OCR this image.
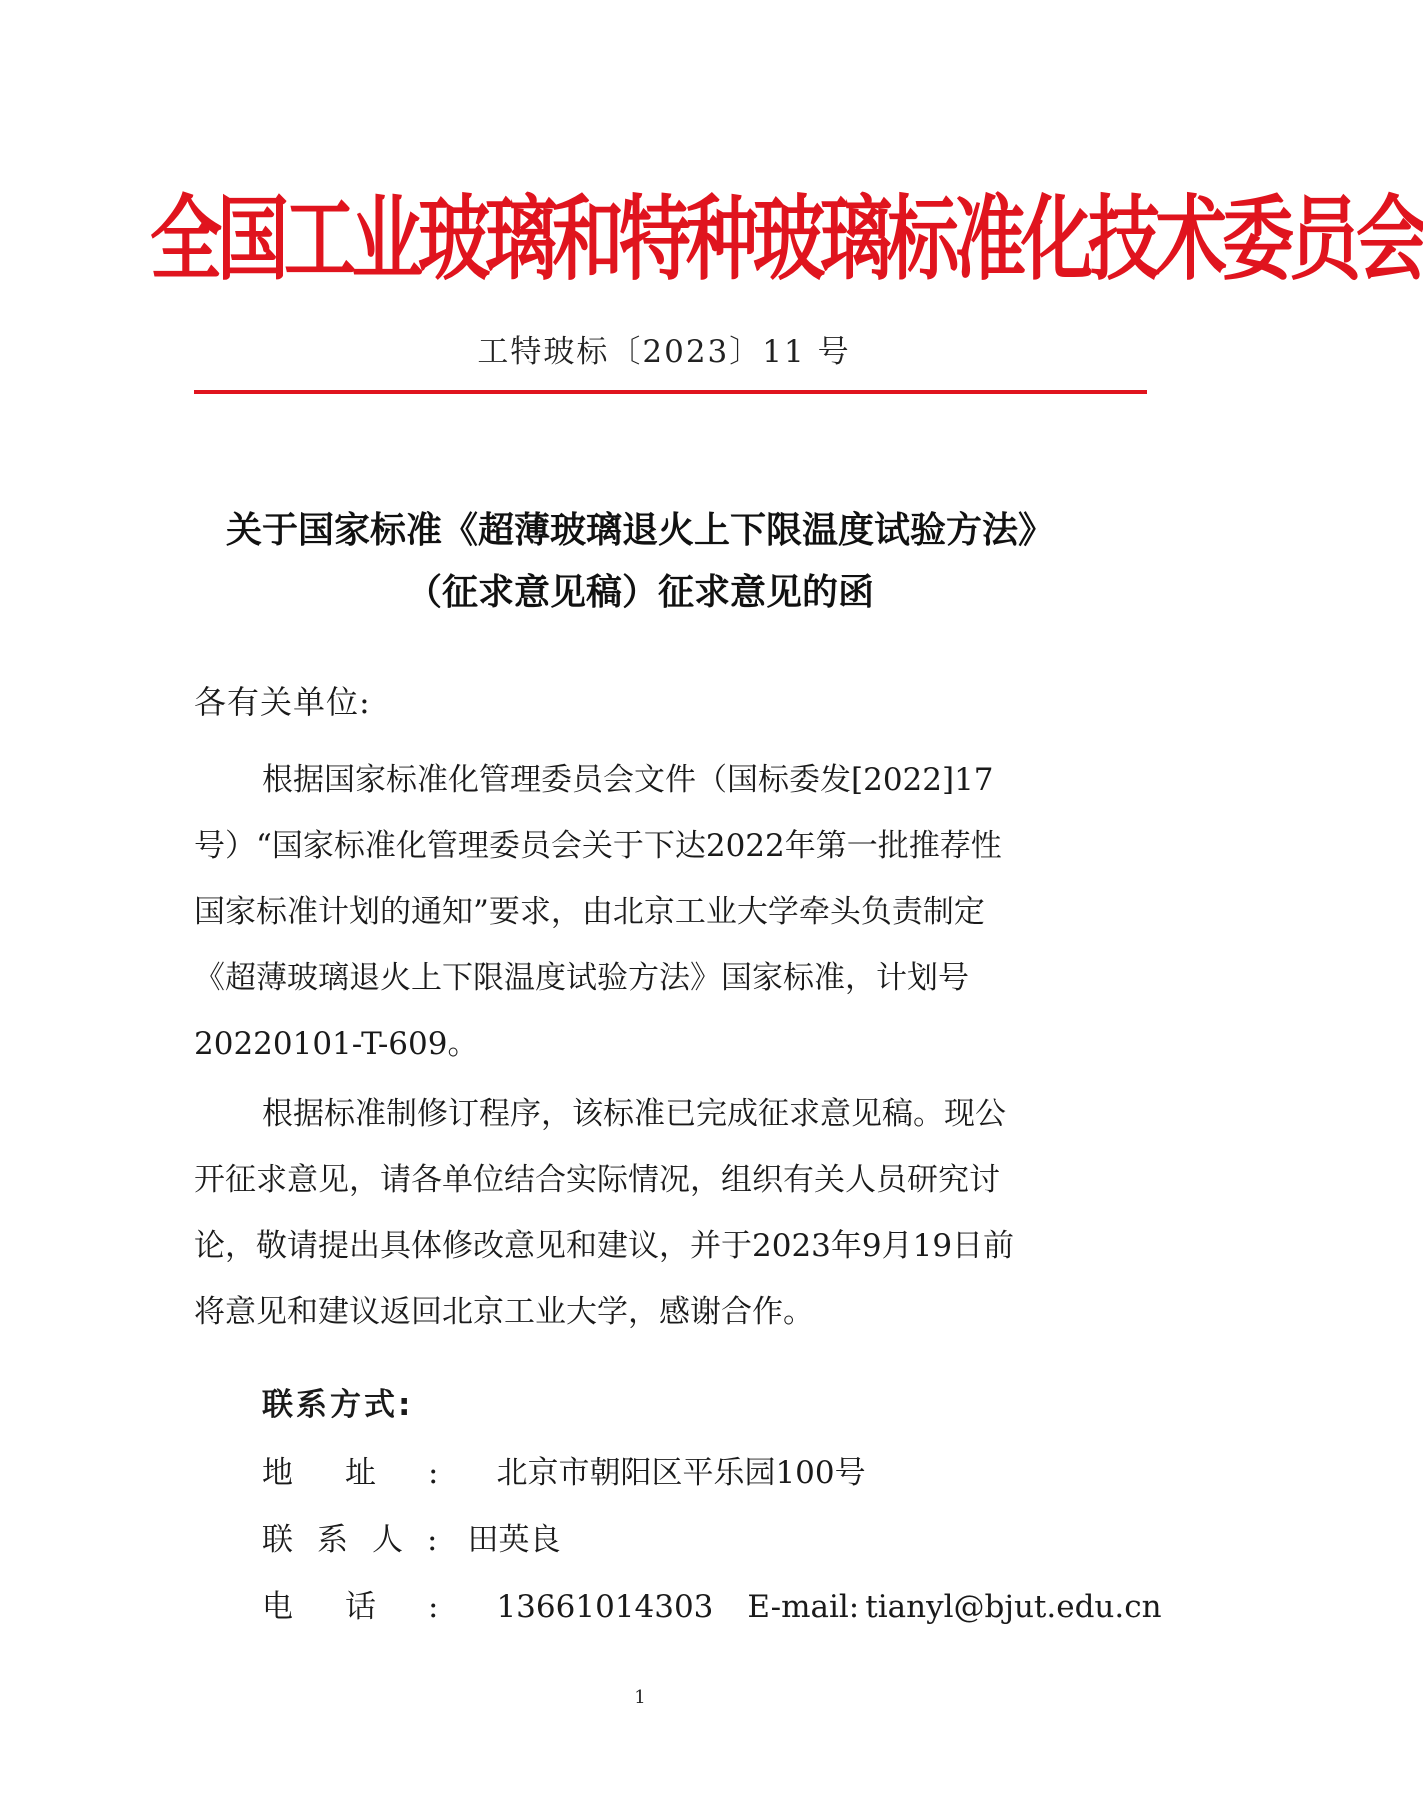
全国工业玻璃和特种玻璃标准化技术委员会
工特玻标〔2023〕11 号
关于国家标准《超薄玻璃退火上下限温度试验方法》
（征求意见稿）征求意见的函
各有关单位:
根据国家标准化管理委员会文件（国标委发[2022]17
号）“国家标准化管理委员会关于下达2022年第一批推荐性
国家标准计划的通知”要求，由北京工业大学牵头负责制定
《超薄玻璃退火上下限温度试验方法》国家标准，计划号
20220101-T-609。
根据标准制修订程序，该标准已完成征求意见稿。现公
开征求意见，请各单位结合实际情况，组织有关人员研究讨
论，敬请提出具体修改意见和建议，并于2023年9月19日前
将意见和建议返回北京工业大学，感谢合作。
联系方式:
地址: 北京市朝阳区平乐园100号
联系人: 田英良
电话: 13661014303 E-mail: tianyl@bjut.edu.cn
1
